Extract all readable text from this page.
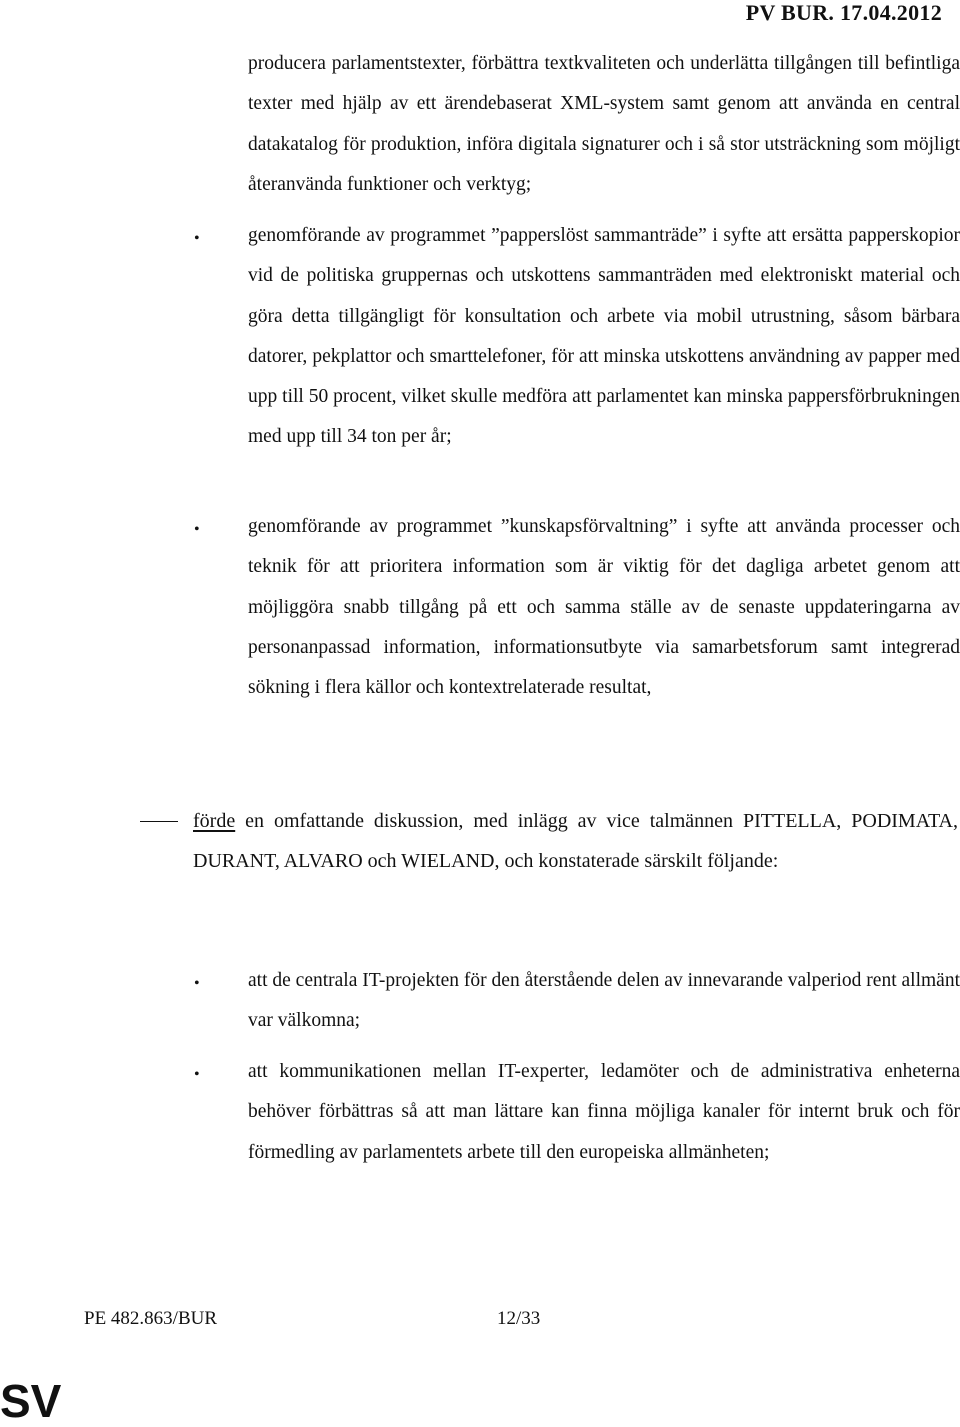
PV BUR. 17.04.2012

producera parlamentstexter, förbättra textkvaliteten och underlätta tillgången till befintliga texter med hjälp av ett ärendebaserat XML-system samt genom att använda en central datakatalog för produktion, införa digitala signaturer och i så stor utsträckning som möjligt återanvända funktioner och verktyg;

• genomförande av programmet ”papperslöst sammanträde” i syfte att ersätta papperskopior vid de politiska gruppernas och utskottens sammanträden med elektroniskt material och göra detta tillgängligt för konsultation och arbete via mobil utrustning, såsom bärbara datorer, pekplattor och smarttelefoner, för att minska utskottens användning av papper med upp till 50 procent, vilket skulle medföra att parlamentet kan minska pappersförbrukningen med upp till 34 ton per år;

• genomförande av programmet ”kunskapsförvaltning” i syfte att använda processer och teknik för att prioritera information som är viktig för det dagliga arbetet genom att möjliggöra snabb tillgång på ett och samma ställe av de senaste uppdateringarna av personanpassad information, informationsutbyte via samarbetsforum samt integrerad sökning i flera källor och kontextrelaterade resultat,

förde en omfattande diskussion, med inlägg av vice talmännen PITTELLA, PODIMATA, DURANT, ALVARO och WIELAND, och konstaterade särskilt följande:

• att de centrala IT-projekten för den återstående delen av innevarande valperiod rent allmänt var välkomna;

• att kommunikationen mellan IT-experter, ledamöter och de administrativa enheterna behöver förbättras så att man lättare kan finna möjliga kanaler för internt bruk och för förmedling av parlamentets arbete till den europeiska allmänheten;

PE 482.863/BUR	12/33
SV
